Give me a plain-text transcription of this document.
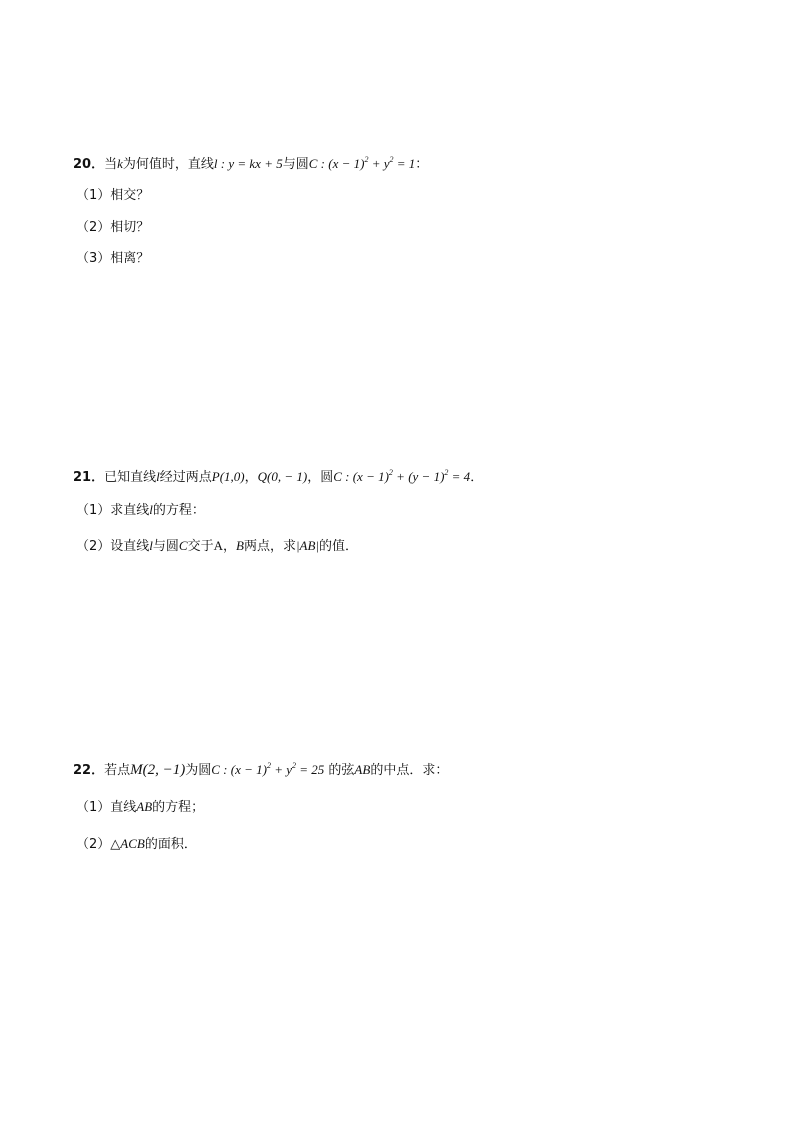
20．当k为何值时，直线l : y = kx + 5与圆C : $(x - 1)^2 + y^2 = 1$：
（1）相交？
（2）相切？
（3）相离？
21．已知直线l经过两点P(1,0)，Q(0, − 1)，圆C : $(x - 1)^2 + (y - 1)^2 = 4$．
（1）求直线l的方程：
（2）设直线l与圆C交于A，B两点，求|AB|的值．
22．若点M(2, −1)为圆C : $(x - 1)^2 + y^2 = 25$ 的弦AB的中点．求：
（1）直线AB的方程；
（2）△ACB的面积．
